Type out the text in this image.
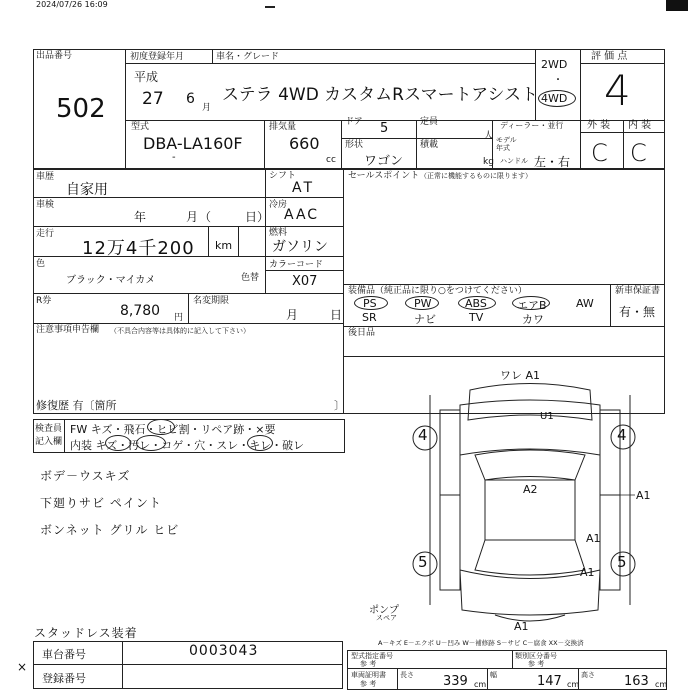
2024/07/26 16:09
出品番号
502
初度登録年月	車名・グレード
平成
27 6
月
ステラ 4WD カスタムRスマートアシスト
2WD
・
4WD
評 価 点
4
型式
DBA-LA160F
-
排気量
660
cc
ドア 5
形状
ワゴン
定員
人
積載
kg
ディーラー・並行
モデル年式
ハンドル 左・右
外 装 内 装
C C
車歴
自家用
シフト
AT
セールスポイント （正常に機能するものに限ります）
車検
年	月 （	日 ）
冷房
AAC
走行
12万4千200 km
燃料
ガソリン
色
ブラック・マイカメ	色替
カラーコード
X07
装備品（純正品に限り○をつけてください）	新車保証書
有・無
PS
SR
PW
ナビ
ABS
TV
エアB
カワ
AW
R券
8,780 円
名変期限
月	日
注意事項申告欄 （不具合内容等は具体的に記入して下さい）	後日品
修復歴 有〔箇所	〕
検査員
記入欄
FW キズ・飛石・ヒビ割・リペア跡・×要
内装 キズ・汚レ・コゲ・穴・スレ・キレ・破レ
ボデ－ウスキズ
下廻りサビ ペイント
ボンネット グリル ヒビ
スタッドレス装着
ワレ A1
U1
A2	A1
A1
A1
A1
4	4
5	5
ポンプ
スペア
A－キズ E－エクボ U－凹み W－補修跡 S－サビ C－腐食 XX－交換済
車台番号	0003043
登録番号
×
型式指定番号
参 考
類別区分番号
参 考
車両証明書
参 考
長さ 339 cm
幅	147 cm
高さ 163 cm
